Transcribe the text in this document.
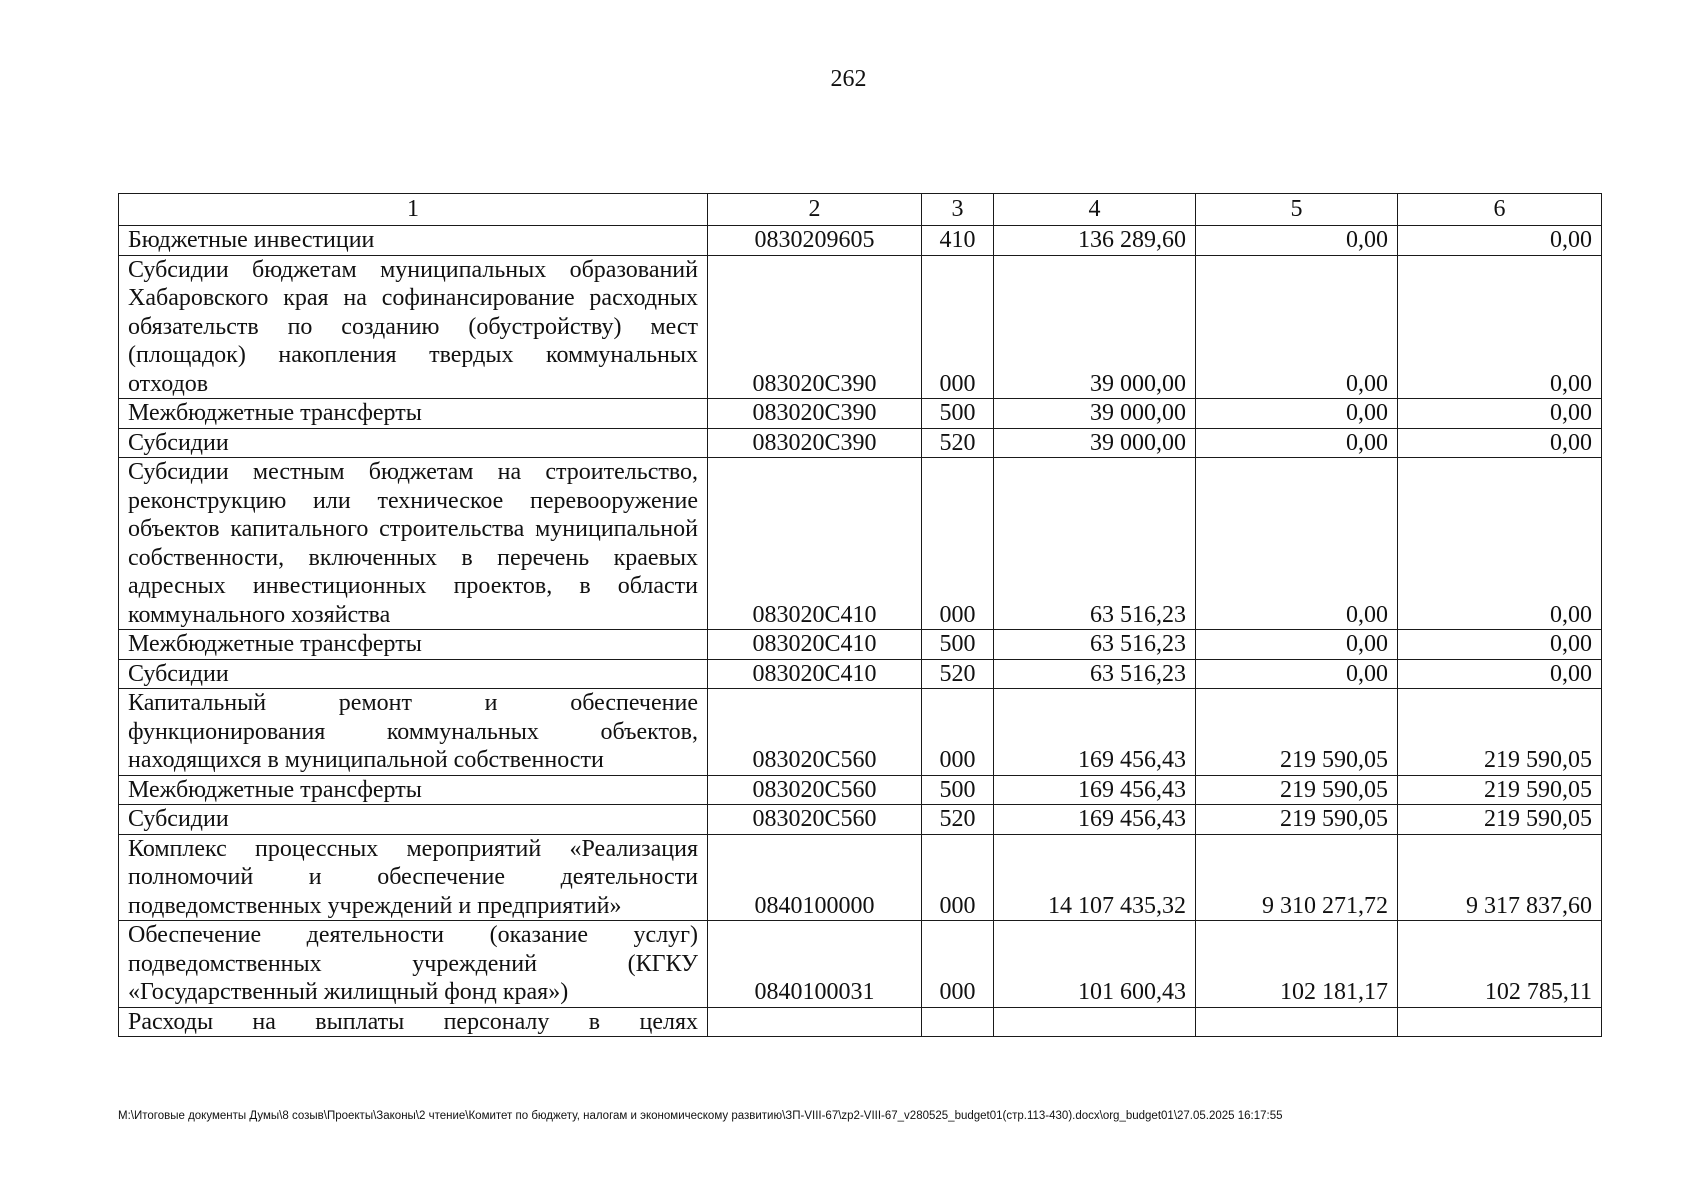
262
1	2	3	4	5	6
Бюджетные инвестиции	0830209605	410	136 289,60	0,00	0,00
Субсидии бюджетам муниципальных образований Хабаровского края на софинансирование расходных обязательств по созданию (обустройству) мест (площадок) накопления твердых коммунальных отходов	083020С390	000	39 000,00	0,00	0,00
Межбюджетные трансферты	083020С390	500	39 000,00	0,00	0,00
Субсидии	083020С390	520	39 000,00	0,00	0,00
Субсидии местным бюджетам на строительство, реконструкцию или техническое перевооружение объектов капитального строительства муниципальной собственности, включенных в перечень краевых адресных инвестиционных проектов, в области коммунального хозяйства	083020С410	000	63 516,23	0,00	0,00
Межбюджетные трансферты	083020С410	500	63 516,23	0,00	0,00
Субсидии	083020С410	520	63 516,23	0,00	0,00
Капитальный ремонт и обеспечение функционирования коммунальных объектов, находящихся в муниципальной собственности	083020С560	000	169 456,43	219 590,05	219 590,05
Межбюджетные трансферты	083020С560	500	169 456,43	219 590,05	219 590,05
Субсидии	083020С560	520	169 456,43	219 590,05	219 590,05
Комплекс процессных мероприятий «Реализация полномочий и обеспечение деятельности подведомственных учреждений и предприятий»	0840100000	000	14 107 435,32	9 310 271,72	9 317 837,60
Обеспечение деятельности (оказание услуг) подведомственных учреждений (КГКУ «Государственный жилищный фонд края»)	0840100031	000	101 600,43	102 181,17	102 785,11
Расходы на выплаты персоналу в целях					
М:\Итоговые документы Думы\8 созыв\Проекты\Законы\2 чтение\Комитет по бюджету, налогам и экономическому развитию\ЗП-VIII-67\zp2-VIII-67_v280525_budget01(стр.113-430).docx\org_budget01\27.05.2025 16:17:55
